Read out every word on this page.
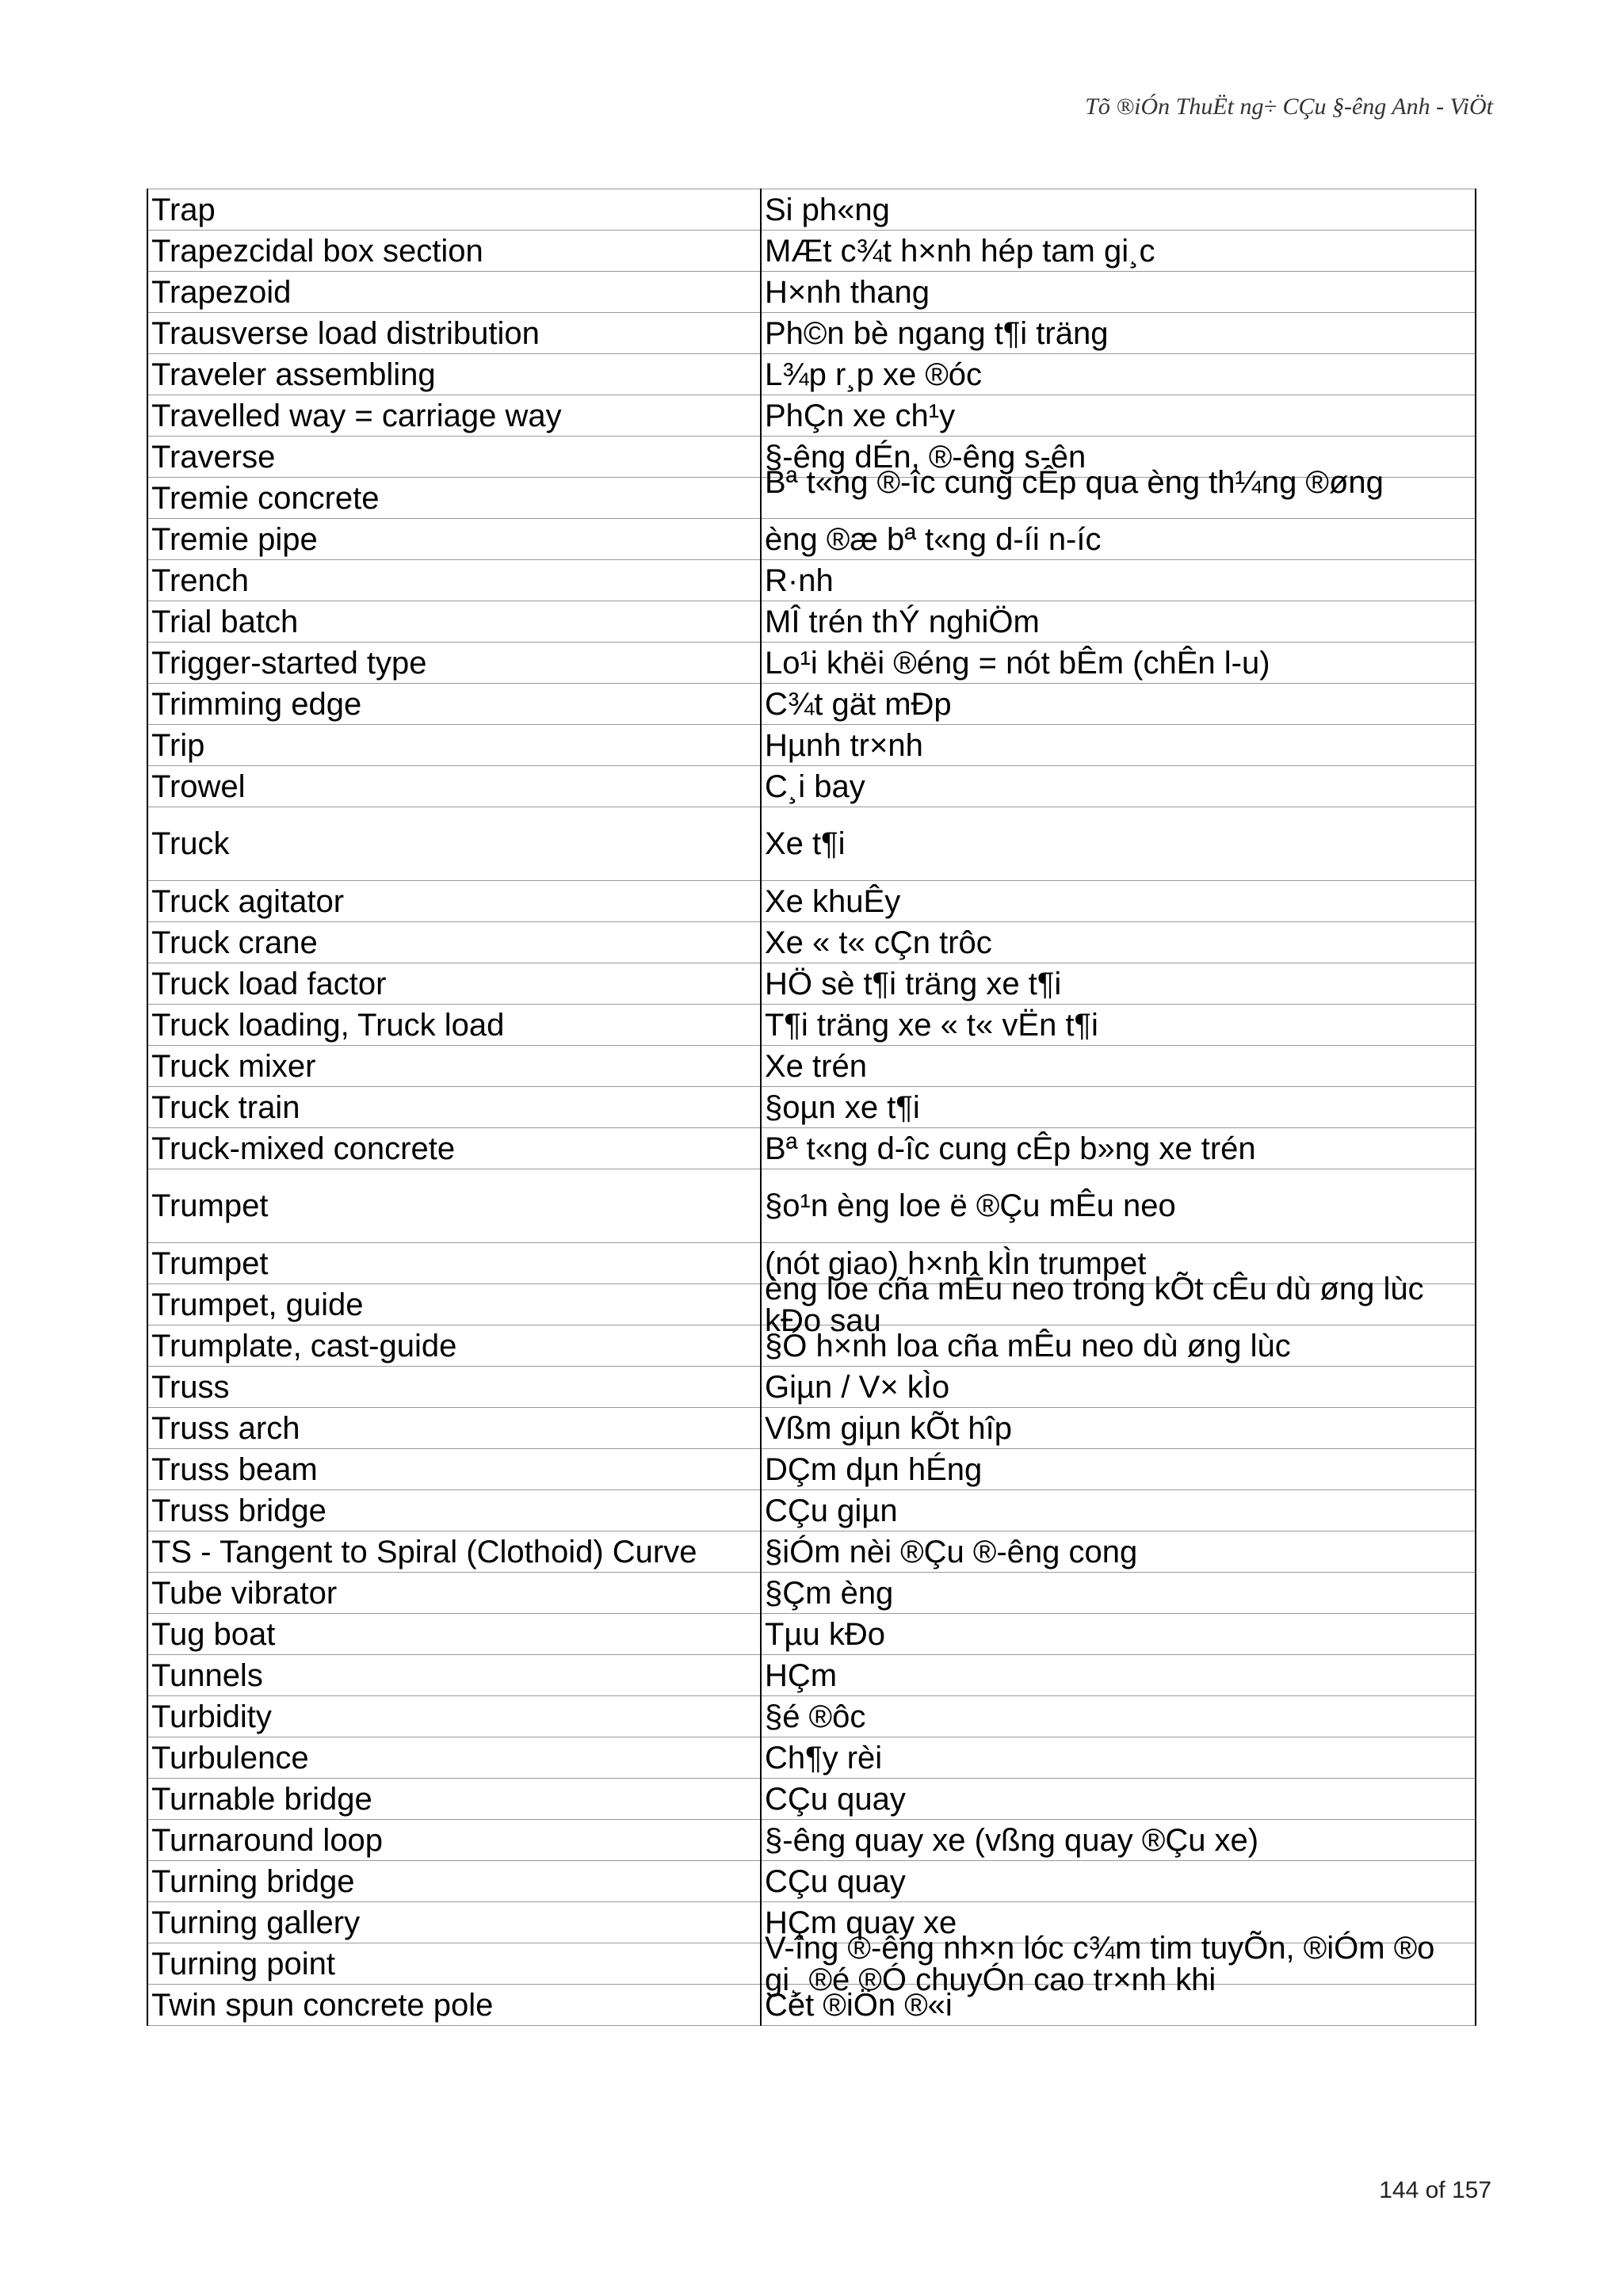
Tõ ®iÓn ThuËt ng÷ CÇu §-êng Anh - ViÖt
Trap	Si ph«ng
Trapezcidal box section	MÆt c¾t h×nh hép tam gi¸c
Trapezoid	H×nh thang
Trausverse load distribution	Ph©n bè ngang t¶i träng
Traveler assembling	L¾p r¸p xe ®óc
Travelled way = carriage way	PhÇn xe ch¹y
Traverse	§-êng dÉn, ®-êng s-ên
Tremie concrete	Bª t«ng ®-îc cung cÊp qua èng th¼ng ®øng

Tremie pipe	èng ®æ bª t«ng d-íi n-íc
Trench	R·nh
Trial batch	MÎ trén thÝ nghiÖm
Trigger-started type	Lo¹i khëi ®éng = nót bÊm (chÊn l-u)
Trimming edge	C¾t gät mÐp
Trip	Hµnh tr×nh
Trowel	C¸i bay
Truck	Xe t¶i
Truck agitator	Xe khuÊy
Truck crane	Xe « t« cÇn trôc
Truck load factor	HÖ sè t¶i träng xe t¶i
Truck loading, Truck load	T¶i träng xe « t« vËn t¶i
Truck mixer	Xe trén
Truck train	§oµn xe t¶i
Truck-mixed concrete	Bª t«ng d-îc cung cÊp b»ng xe trén
Trumpet	§o¹n èng loe ë ®Çu mÊu neo
Trumpet	(nót giao) h×nh kÌn trumpet
Trumpet, guide	èng loe cña mÊu neo trong kÕt cÊu dù øng lùc kÐo sau

Trumplate, cast-guide	§Ó h×nh loa cña mÊu neo dù øng lùc
Truss	Giµn / V× kÌo
Truss arch	Vßm giµn kÕt hîp
Truss beam	DÇm dµn hÉng
Truss bridge	CÇu giµn
TS - Tangent to Spiral (Clothoid) Curve	§iÓm nèi ®Çu ®-êng cong
Tube vibrator	§Çm èng
Tug boat	Tµu kÐo
Tunnels	HÇm
Turbidity	§é ®ôc
Turbulence	Ch¶y rèi
Turnable bridge	CÇu quay
Turnaround loop	§-êng quay xe (vßng quay ®Çu xe)
Turning bridge	CÇu quay
Turning gallery	HÇm quay xe
Turning point	V-îng ®-êng nh×n lóc c¾m tim tuyÕn, ®iÓm ®o gi¸ ®é ®Ó chuyÓn cao tr×nh khi

Twin spun concrete pole	Cét ®iÖn ®«i
144 of 157
